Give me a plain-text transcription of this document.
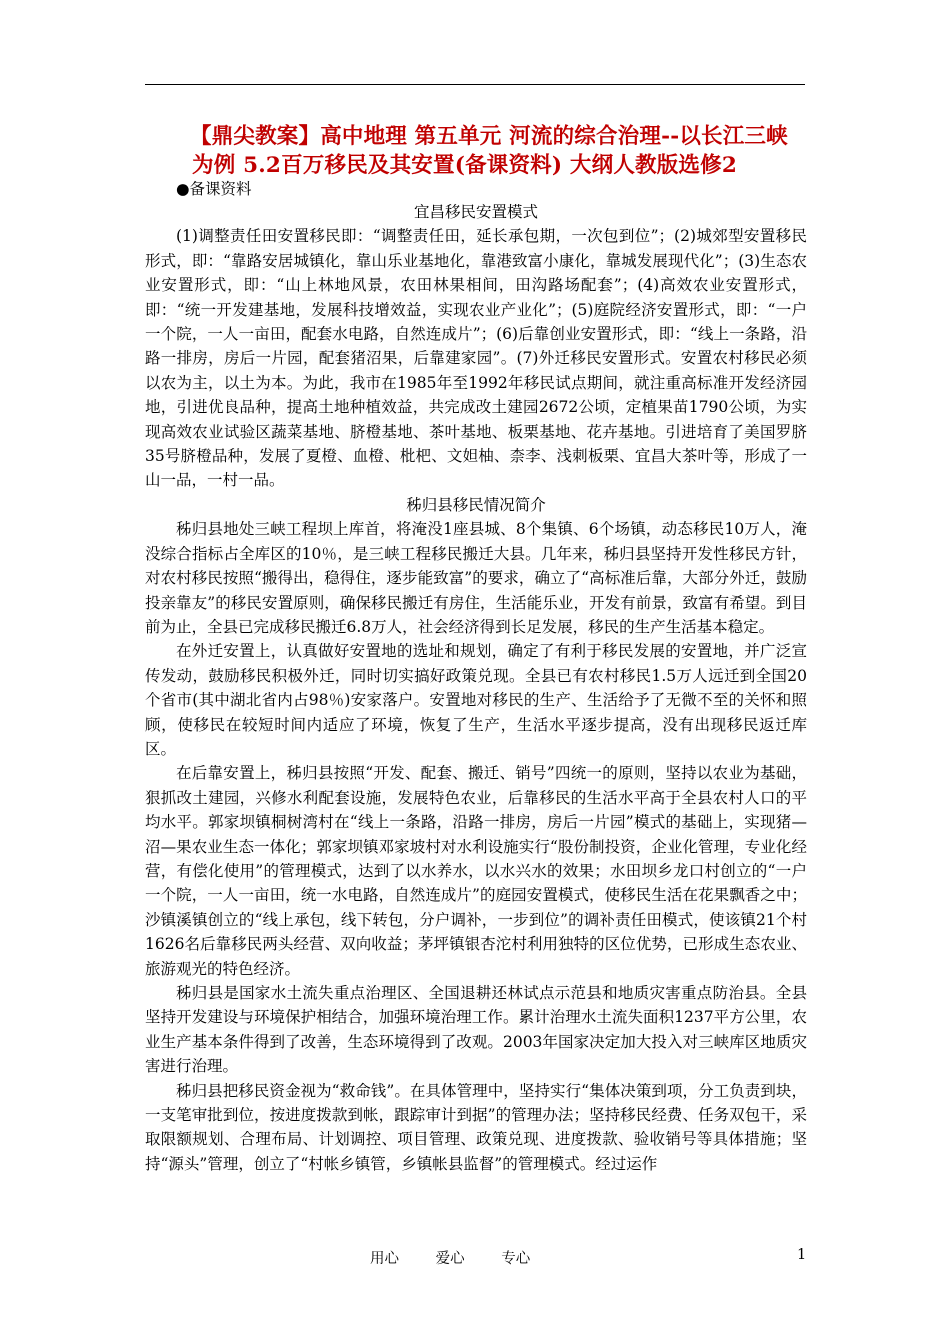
【鼎尖教案】高中地理 第五单元 河流的综合治理--以长江三峡
为例 5.2百万移民及其安置(备课资料) 大纲人教版选修2
●备课资料
宜昌移民安置模式

(1)调整责任田安置移民即：“调整责任田，延长承包期，一次包到位”；(2)城郊型安置移民形式，即：“靠路安居城镇化，靠山乐业基地化，靠港致富小康化，靠城发展现代化”；(3)生态农业安置形式，即：“山上林地风景，农田林果相间，田沟路场配套”；(4)高效农业安置形式，即：“统一开发建基地，发展科技增效益，实现农业产业化”；(5)庭院经济安置形式，即：“一户一个院，一人一亩田，配套水电路，自然连成片”；(6)后靠创业安置形式，即：“线上一条路，沿路一排房，房后一片园，配套猪沼果，后靠建家园”。(7)外迁移民安置形式。安置农村移民必须以农为主，以土为本。为此，我市在1985年至1992年移民试点期间，就注重高标准开发经济园地，引进优良品种，提高土地种植效益，共完成改土建园2672公顷，定植果苗1790公顷，为实现高效农业试验区蔬菜基地、脐橙基地、茶叶基地、板栗基地、花卉基地。引进培育了美国罗脐35号脐橙品种，发展了夏橙、血橙、枇杷、文妲柚、柰李、浅刺板栗、宜昌大茶叶等，形成了一山一品，一村一品。

秭归县移民情况简介

秭归县地处三峡工程坝上库首，将淹没1座县城、8个集镇、6个场镇，动态移民10万人，淹没综合指标占全库区的10％，是三峡工程移民搬迁大县。几年来，秭归县坚持开发性移民方针，对农村移民按照“搬得出，稳得住，逐步能致富”的要求，确立了“高标准后靠，大部分外迁，鼓励投亲靠友”的移民安置原则，确保移民搬迁有房住，生活能乐业，开发有前景，致富有希望。到目前为止，全县已完成移民搬迁6.8万人，社会经济得到长足发展，移民的生产生活基本稳定。

在外迁安置上，认真做好安置地的选址和规划，确定了有利于移民发展的安置地，并广泛宣传发动，鼓励移民积极外迁，同时切实搞好政策兑现。全县已有农村移民1.5万人远迁到全国20个省市(其中湖北省内占98％)安家落户。安置地对移民的生产、生活给予了无微不至的关怀和照顾，使移民在较短时间内适应了环境，恢复了生产，生活水平逐步提高，没有出现移民返迁库区。

在后靠安置上，秭归县按照“开发、配套、搬迁、销号”四统一的原则，坚持以农业为基础，狠抓改土建园，兴修水利配套设施，发展特色农业，后靠移民的生活水平高于全县农村人口的平均水平。郭家坝镇桐树湾村在“线上一条路，沿路一排房，房后一片园”模式的基础上，实现猪—沼—果农业生态一体化；郭家坝镇邓家坡村对水利设施实行“股份制投资，企业化管理，专业化经营，有偿化使用”的管理模式，达到了以水养水，以水兴水的效果；水田坝乡龙口村创立的“一户一个院，一人一亩田，统一水电路，自然连成片”的庭园安置模式，使移民生活在花果飘香之中；沙镇溪镇创立的“线上承包，线下转包，分户调补，一步到位”的调补责任田模式，使该镇21个村1626名后靠移民两头经营、双向收益；茅坪镇银杏沱村利用独特的区位优势，已形成生态农业、旅游观光的特色经济。

秭归县是国家水土流失重点治理区、全国退耕还林试点示范县和地质灾害重点防治县。全县坚持开发建设与环境保护相结合，加强环境治理工作。累计治理水土流失面积1237平方公里，农业生产基本条件得到了改善，生态环境得到了改观。2003年国家决定加大投入对三峡库区地质灾害进行治理。

秭归县把移民资金视为“救命钱”。在具体管理中，坚持实行“集体决策到项，分工负责到块，一支笔审批到位，按进度拨款到帐，跟踪审计到据”的管理办法；坚持移民经费、任务双包干，采取限额规划、合理布局、计划调控、项目管理、政策兑现、进度拨款、验收销号等具体措施；坚持“源头”管理，创立了“村帐乡镇管，乡镇帐县监督”的管理模式。经过运作

用心	爱心	专心	1
